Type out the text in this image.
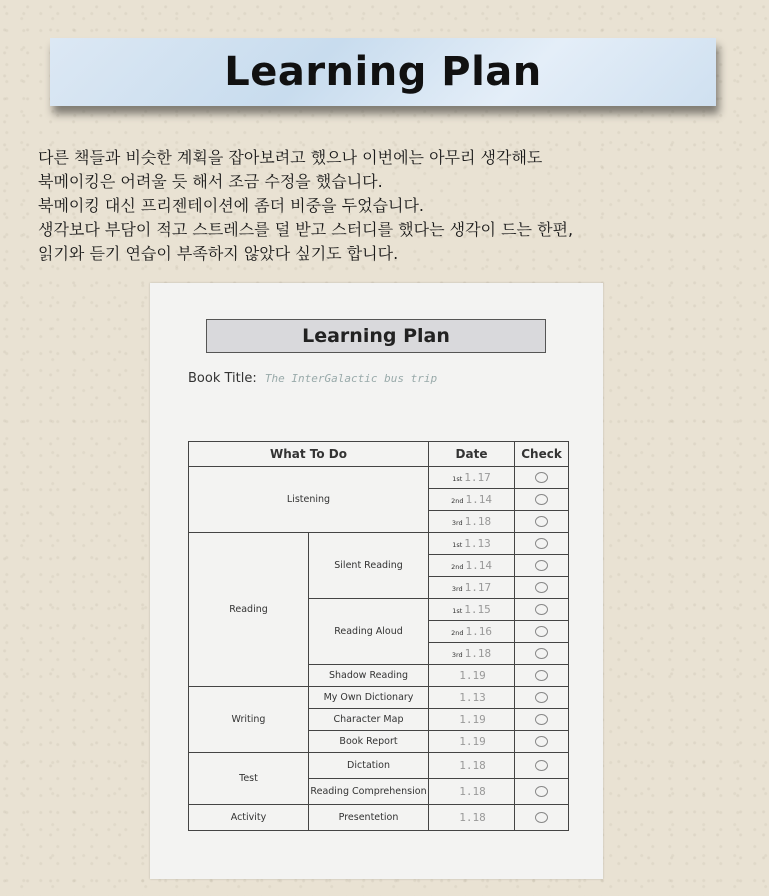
Learning Plan
다른 책들과 비슷한 계획을 잡아보려고 했으나 이번에는 아무리 생각해도
북메이킹은 어려울 듯 해서 조금 수정을 했습니다.
북메이킹 대신 프리젠테이션에 좀더 비중을 두었습니다.
생각보다 부담이 적고 스트레스를 덜 받고 스터디를 했다는 생각이 드는 한편,
읽기와 듣기 연습이 부족하지 않았다 싶기도 합니다.
Learning Plan
Book Title: The InterGalactic bus trip
What To Do		Date	Check
Listening		1st 1.17	
		2nd 1.14	
		3rd 1.18	
Reading	Silent Reading	1st 1.13	
		2nd 1.14	
		3rd 1.17	
	Reading Aloud	1st 1.15	
		2nd 1.16	
		3rd 1.18	
	Shadow Reading	1.19	
Writing	My Own Dictionary	1.13	
	Character Map	1.19	
	Book Report	1.19	
Test	Dictation	1.18	
	Reading Comprehension	1.18	
Activity	Presentetion	1.18	
